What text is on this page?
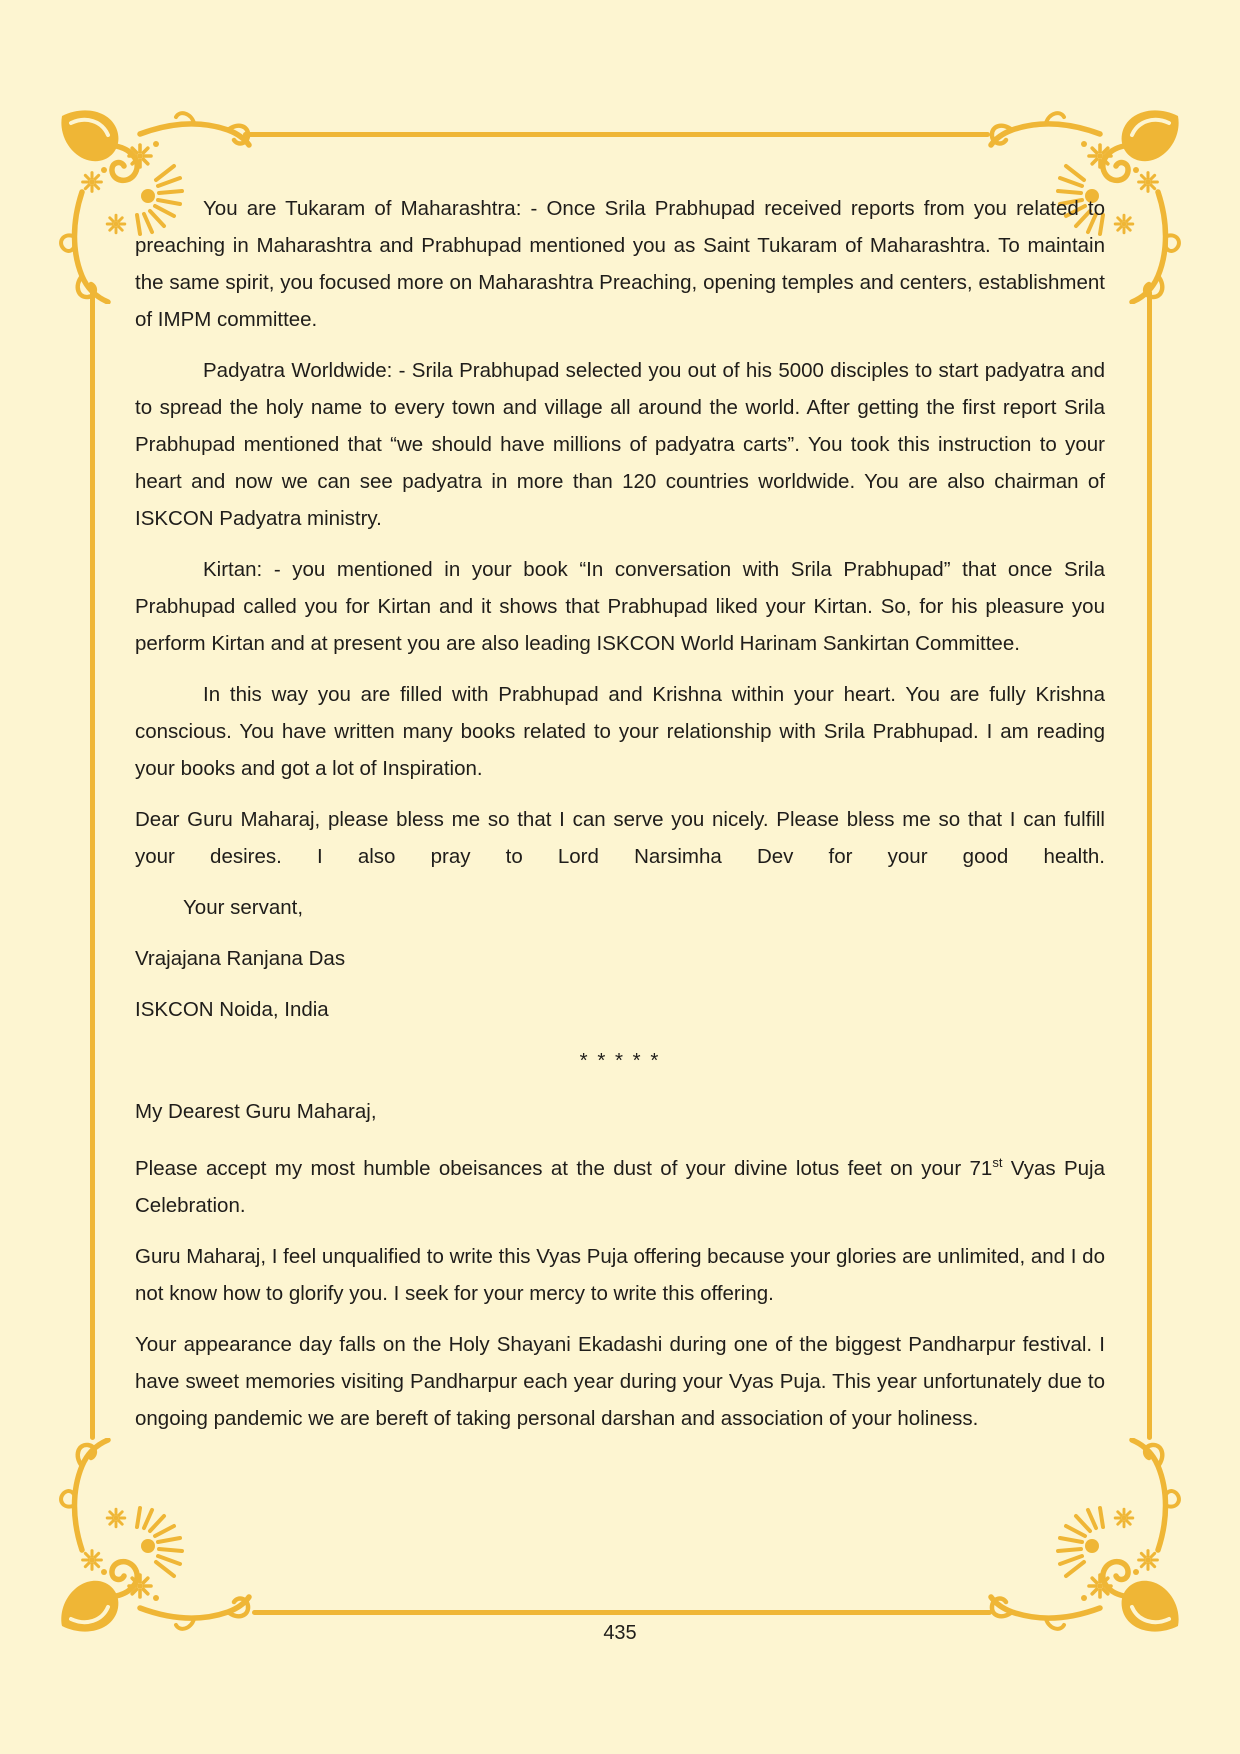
You are Tukaram of Maharashtra: - Once Srila Prabhupad received reports from you related to preaching in Maharashtra and Prabhupad mentioned you as Saint Tukaram of Maharashtra. To maintain the same spirit, you focused more on Maharashtra Preaching, opening temples and centers, establishment of IMPM committee.

Padyatra Worldwide: - Srila Prabhupad selected you out of his 5000 disciples to start padyatra and to spread the holy name to every town and village all around the world. After getting the first report Srila Prabhupad mentioned that “we should have millions of padyatra carts”. You took this instruction to your heart and now we can see padyatra in more than 120 countries worldwide. You are also chairman of ISKCON Padyatra ministry.

Kirtan: - you mentioned in your book “In conversation with Srila Prabhupad” that once Srila Prabhupad called you for Kirtan and it shows that Prabhupad liked your Kirtan. So, for his pleasure you perform Kirtan and at present you are also leading ISKCON World Harinam Sankirtan Committee.

In this way you are filled with Prabhupad and Krishna within your heart. You are fully Krishna conscious. You have written many books related to your relationship with Srila Prabhupad. I am reading your books and got a lot of Inspiration.

Dear Guru Maharaj, please bless me so that I can serve you nicely. Please bless me so that I can fulfill your desires. I also pray to Lord Narsimha Dev for your good health.

Your servant,

Vrajajana Ranjana Das

ISKCON Noida, India

* * * * *

My Dearest Guru Maharaj,

Please accept my most humble obeisances at the dust of your divine lotus feet on your 71st Vyas Puja Celebration.

Guru Maharaj, I feel unqualified to write this Vyas Puja offering because your glories are unlimited, and I do not know how to glorify you. I seek for your mercy to write this offering.

Your appearance day falls on the Holy Shayani Ekadashi during one of the biggest Pandharpur festival. I have sweet memories visiting Pandharpur each year during your Vyas Puja. This year unfortunately due to ongoing pandemic we are bereft of taking personal darshan and association of your holiness.

435
